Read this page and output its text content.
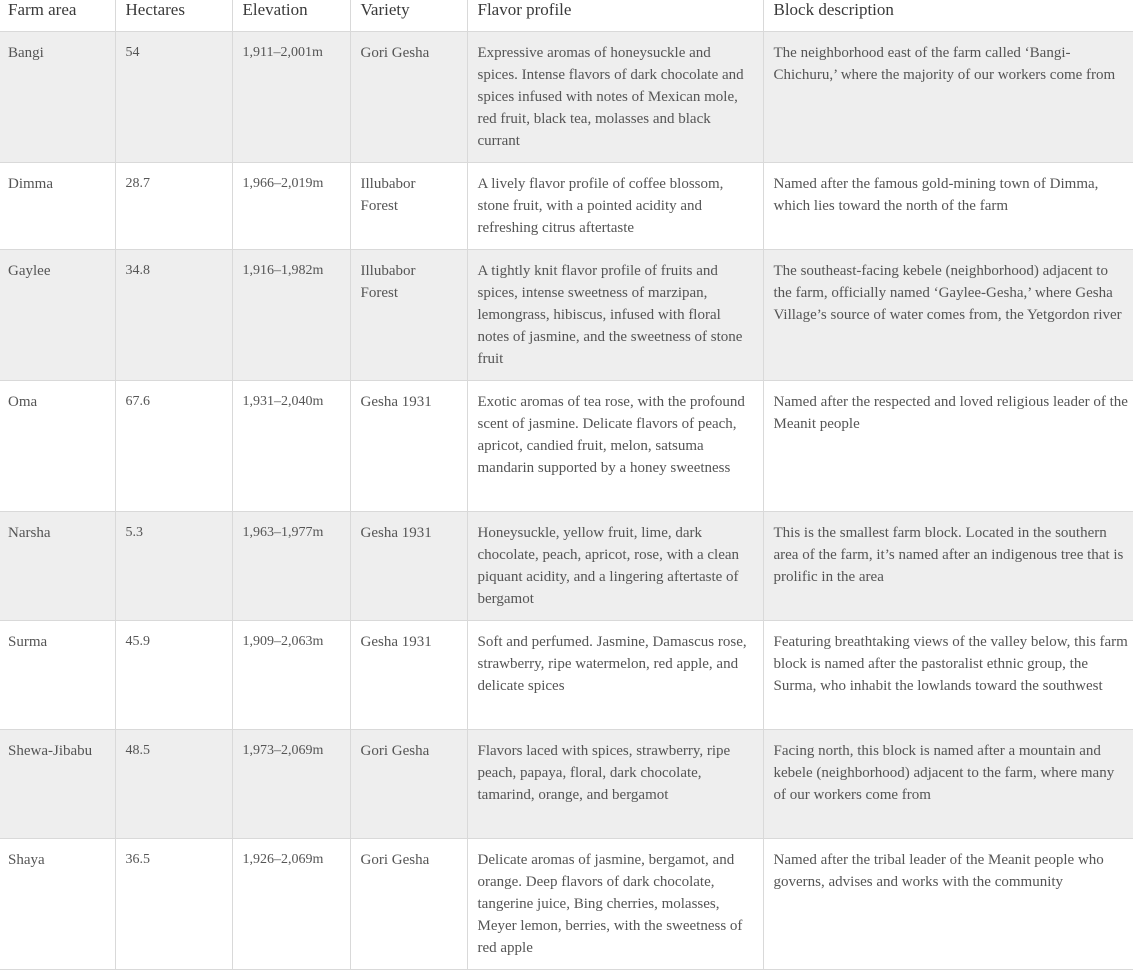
Farm area	Hectares	Elevation	Variety	Flavor profile	Block description
Bangi	54	1,911–2,001m	Gori Gesha	Expressive aromas of honeysuckle and spices. Intense flavors of dark chocolate and spices infused with notes of Mexican mole, red fruit, black tea, molasses and black currant	The neighborhood east of the farm called ‘Bangi-Chichuru,’ where the majority of our workers come from
Dimma	28.7	1,966–2,019m	Illubabor Forest	A lively flavor profile of coffee blossom, stone fruit, with a pointed acidity and refreshing citrus aftertaste	Named after the famous gold-mining town of Dimma, which lies toward the north of the farm
Gaylee	34.8	1,916–1,982m	Illubabor Forest	A tightly knit flavor profile of fruits and spices, intense sweetness of marzipan, lemongrass, hibiscus, infused with floral notes of jasmine, and the sweetness of stone fruit	The southeast-facing kebele (neighborhood) adjacent to the farm, officially named ‘Gaylee-Gesha,’ where Gesha Village’s source of water comes from, the Yetgordon river
Oma	67.6	1,931–2,040m	Gesha 1931	Exotic aromas of tea rose, with the profound scent of jasmine. Delicate flavors of peach, apricot, candied fruit, melon, satsuma mandarin supported by a honey sweetness	Named after the respected and loved religious leader of the Meanit people
Narsha	5.3	1,963–1,977m	Gesha 1931	Honeysuckle, yellow fruit, lime, dark chocolate, peach, apricot, rose, with a clean piquant acidity, and a lingering aftertaste of bergamot	This is the smallest farm block. Located in the southern area of the farm, it’s named after an indigenous tree that is prolific in the area
Surma	45.9	1,909–2,063m	Gesha 1931	Soft and perfumed. Jasmine, Damascus rose, strawberry, ripe watermelon, red apple, and delicate spices	Featuring breathtaking views of the valley below, this farm block is named after the pastoralist ethnic group, the Surma, who inhabit the lowlands toward the southwest
Shewa-Jibabu	48.5	1,973–2,069m	Gori Gesha	Flavors laced with spices, strawberry, ripe peach, papaya, floral, dark chocolate, tamarind, orange, and bergamot	Facing north, this block is named after a mountain and kebele (neighborhood) adjacent to the farm, where many of our workers come from
Shaya	36.5	1,926–2,069m	Gori Gesha	Delicate aromas of jasmine, bergamot, and orange. Deep flavors of dark chocolate, tangerine juice, Bing cherries, molasses, Meyer lemon, berries, with the sweetness of red apple	Named after the tribal leader of the Meanit people who governs, advises and works with the community
